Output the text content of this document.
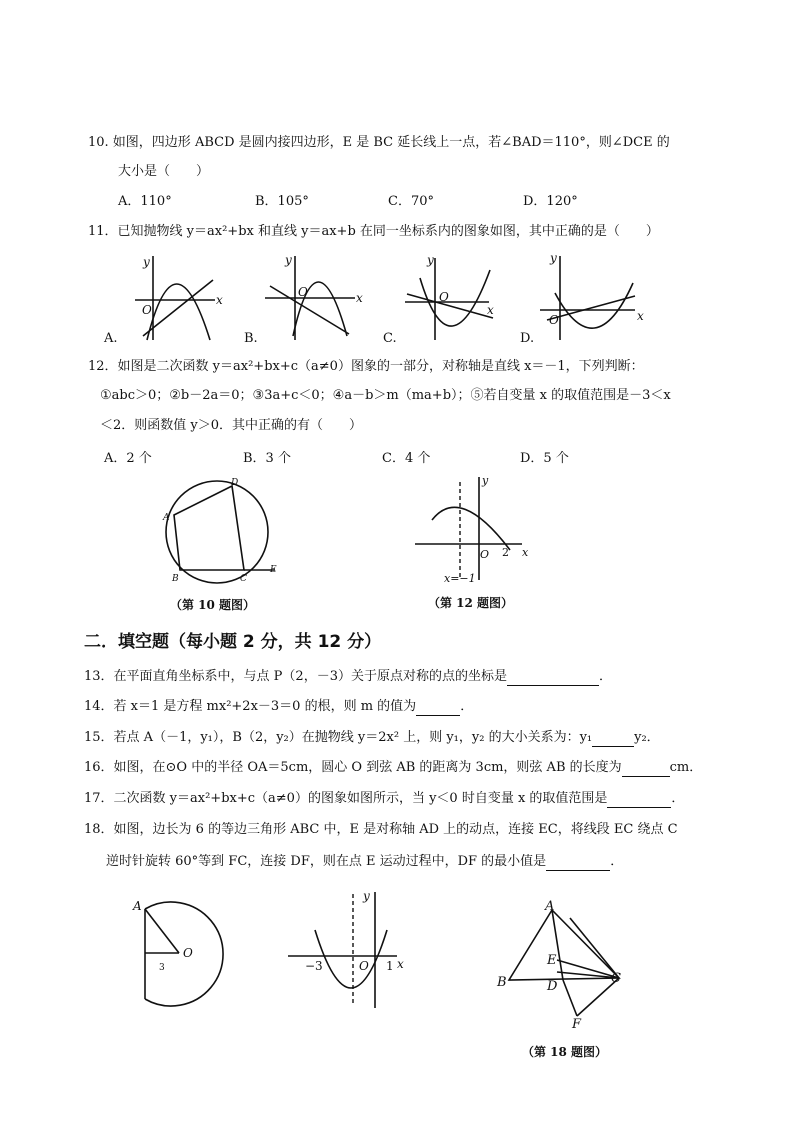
10. 如图，四边形 ABCD 是圆内接四边形，E 是 BC 延长线上一点，若∠BAD＝110°，则∠DCE 的
大小是（　　）
A．110°	B．105°	C．70°	D．120°
11．已知抛物线 y＝ax²+bx 和直线 y＝ax+b 在同一坐标系内的图象如图，其中正确的是（　　）
y
x
O
A.
y
x
O
B.
y
x
O
C.
y
x
O
D.
12．如图是二次函数 y＝ax²+bx+c（a≠0）图象的一部分，对称轴是直线 x＝－1，下列判断：
①abc＞0；②b－2a＝0；③3a+c＜0；④a－b＞m（ma+b）；⑤若自变量 x 的取值范围是－3＜x
＜2．则函数值 y＞0．其中正确的有（　　）
A．2 个	B．3 个	C．4 个	D．5 个
A
B	C
D
E
（第 10 题图）
y
x
O 2
x=−1
（第 12 题图）
二．填空题（每小题 2 分，共 12 分）
13．在平面直角坐标系中，与点 P（2，－3）关于原点对称的点的坐标是	．
14．若 x＝1 是方程 mx²+2x－3＝0 的根，则 m 的值为	．
15．若点 A（－1，y₁），B（2，y₂）在抛物线 y＝2x² 上，则 y₁，y₂ 的大小关系为：y₁	y₂．
16．如图，在⊙O 中的半径 OA＝5cm，圆心 O 到弦 AB 的距离为 3cm，则弦 AB 的长度为	cm．
17．二次函数 y＝ax²+bx+c（a≠0）的图象如图所示，当 y＜0 时自变量 x 的取值范围是	．
18．如图，边长为 6 的等边三角形 ABC 中，E 是对称轴 AD 上的动点，连接 EC，将线段 EC 绕点 C
逆时针旋转 60°等到 FC，连接 DF，则在点 E 运动过程中，DF 的最小值是	．
A
O
3
y
x
−3	O 1
A
B	C
D
E
F
（第 18 题图）
